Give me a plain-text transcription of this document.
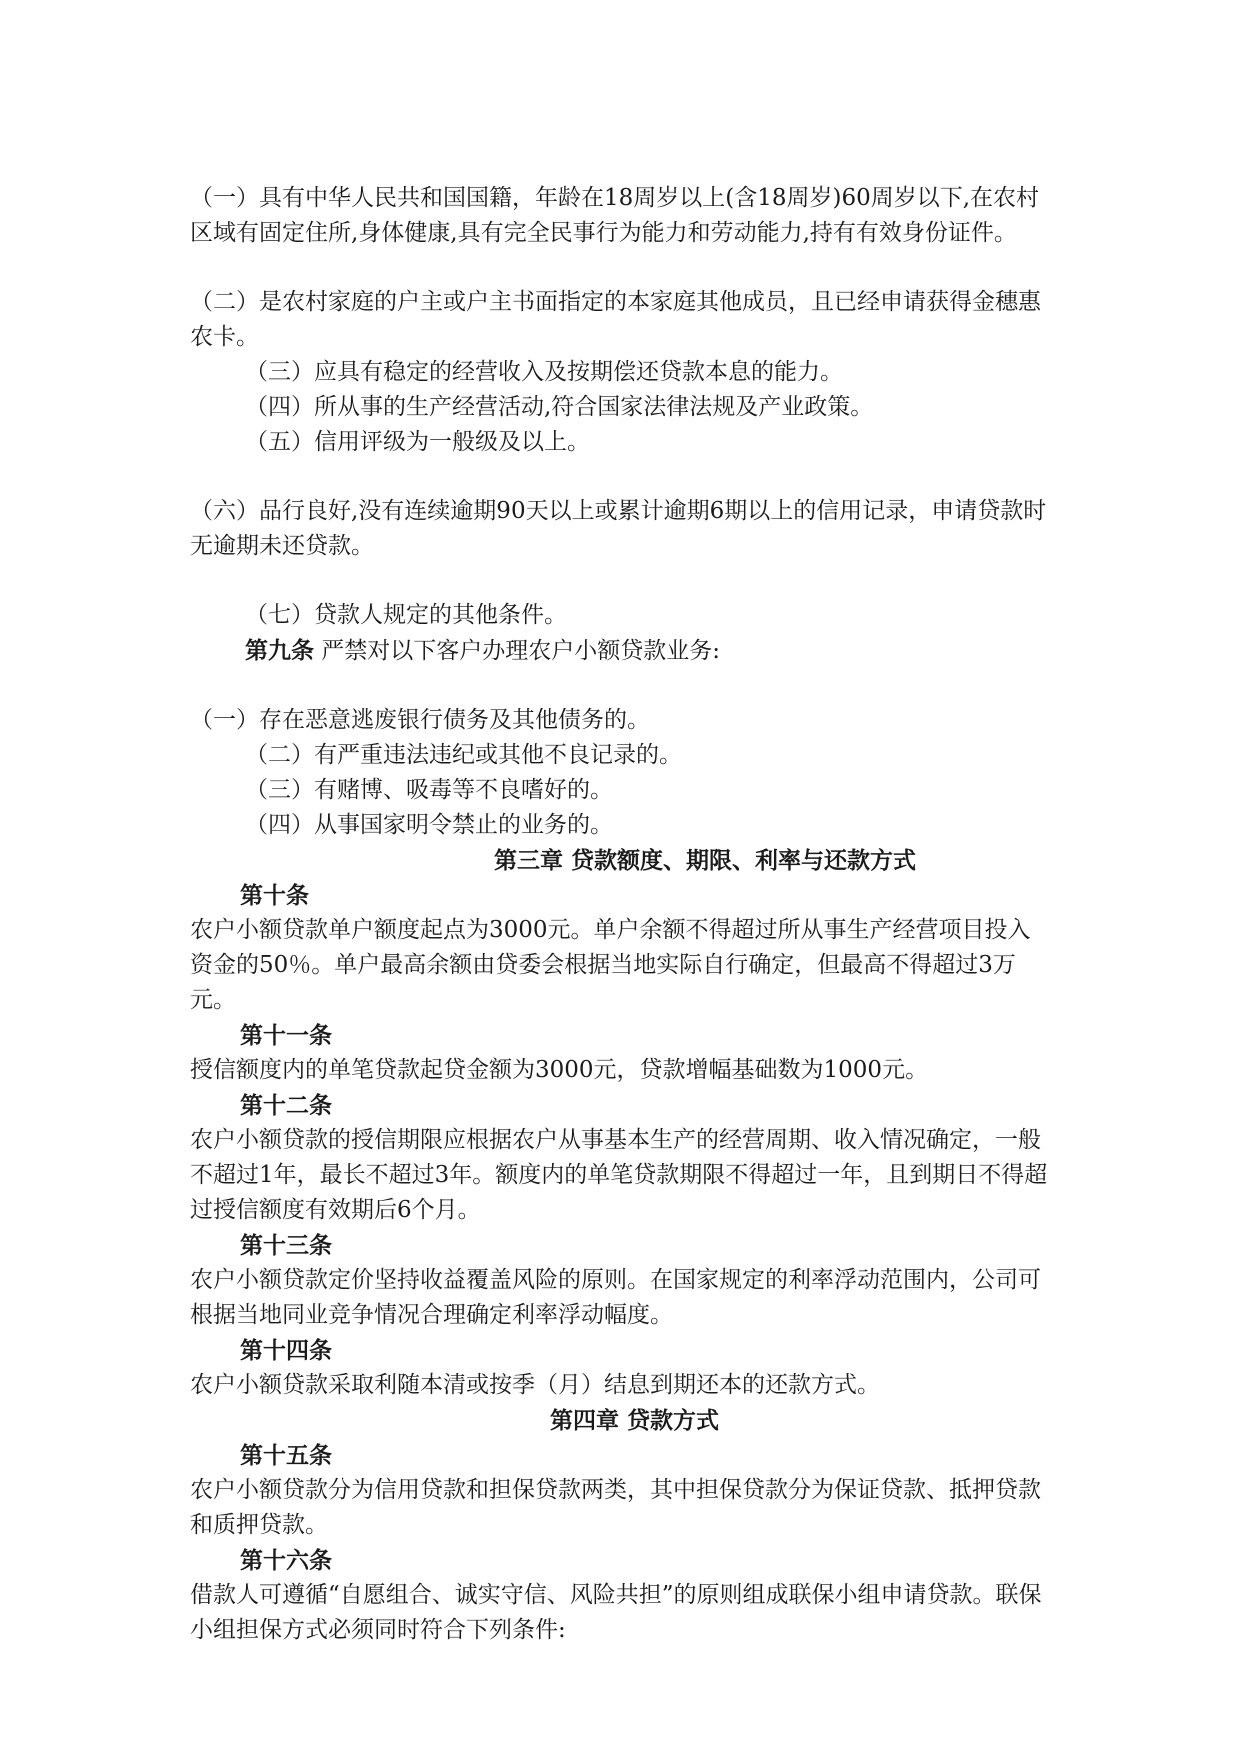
（一）具有中华人民共和国国籍，年龄在18周岁以上(含18周岁)60周岁以下,在农村区域有固定住所,身体健康,具有完全民事行为能力和劳动能力,持有有效身份证件。

（二）是农村家庭的户主或户主书面指定的本家庭其他成员，且已经申请获得金穗惠农卡。

（三）应具有稳定的经营收入及按期偿还贷款本息的能力。

（四）所从事的生产经营活动,符合国家法律法规及产业政策。

（五）信用评级为一般级及以上。

（六）品行良好,没有连续逾期90天以上或累计逾期6期以上的信用记录，申请贷款时无逾期未还贷款。

（七）贷款人规定的其他条件。

第九条 严禁对以下客户办理农户小额贷款业务:

（一）存在恶意逃废银行债务及其他债务的。

（二）有严重违法违纪或其他不良记录的。

（三）有赌博、吸毒等不良嗜好的。

（四）从事国家明令禁止的业务的。

第三章 贷款额度、期限、利率与还款方式

第十条

农户小额贷款单户额度起点为3000元。单户余额不得超过所从事生产经营项目投入资金的50％。单户最高余额由贷委会根据当地实际自行确定，但最高不得超过3万元。

第十一条

授信额度内的单笔贷款起贷金额为3000元，贷款增幅基础数为1000元。

第十二条

农户小额贷款的授信期限应根据农户从事基本生产的经营周期、收入情况确定，一般不超过1年，最长不超过3年。额度内的单笔贷款期限不得超过一年，且到期日不得超过授信额度有效期后6个月。

第十三条

农户小额贷款定价坚持收益覆盖风险的原则。在国家规定的利率浮动范围内，公司可根据当地同业竞争情况合理确定利率浮动幅度。

第十四条

农户小额贷款采取利随本清或按季（月）结息到期还本的还款方式。

第四章 贷款方式

第十五条

农户小额贷款分为信用贷款和担保贷款两类，其中担保贷款分为保证贷款、抵押贷款和质押贷款。

第十六条

借款人可遵循“自愿组合、诚实守信、风险共担”的原则组成联保小组申请贷款。联保小组担保方式必须同时符合下列条件:
